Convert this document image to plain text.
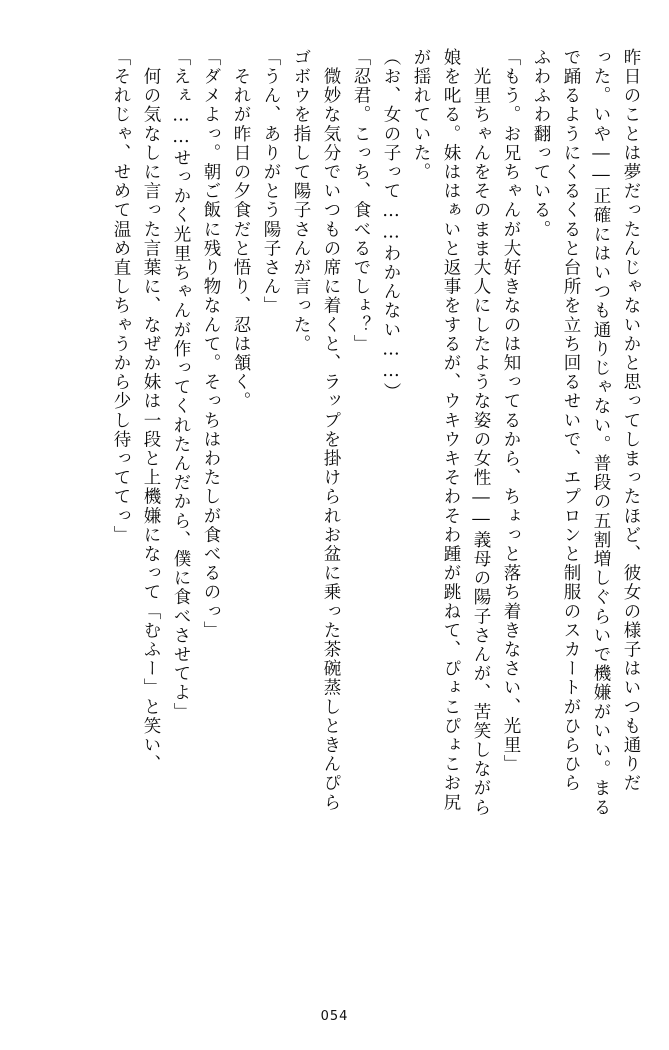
昨日のことは夢だったんじゃないかと思ってしまったほど、彼女の様子はいつも通りだ
った。いや――正確にはいつも通りじゃない。普段の五割増しぐらいで機嫌がいい。まる
で踊るようにくるくると台所を立ち回るせいで、エプロンと制服のスカートがひらひら
ふわふわ翻っている。
「もう。お兄ちゃんが大好きなのは知ってるから、ちょっと落ち着きなさい、光里」
　光里ちゃんをそのまま大人にしたような姿の女性――義母の陽子さんが、苦笑しながら
娘を叱る。妹ははぁいと返事をするが、ウキウキそわそわ踵が跳ねて、ぴょこぴょこお尻
が揺れていた。
（お、女の子って……わかんない……）
「忍君。こっち、食べるでしょ？」
　微妙な気分でいつもの席に着くと、ラップを掛けられお盆に乗った茶碗蒸しときんぴら
ゴボウを指して陽子さんが言った。
「うん、ありがとう陽子さん」
　それが昨日の夕食だと悟り、忍は頷く。
「ダメよっ。朝ご飯に残り物なんて。そっちはわたしが食べるのっ」
「えぇ……せっかく光里ちゃんが作ってくれたんだから、僕に食べさせてよ」
　何の気なしに言った言葉に、なぜか妹は一段と上機嫌になって「むふー」と笑い、
「それじゃ、せめて温め直しちゃうから少し待っててっ」
054
